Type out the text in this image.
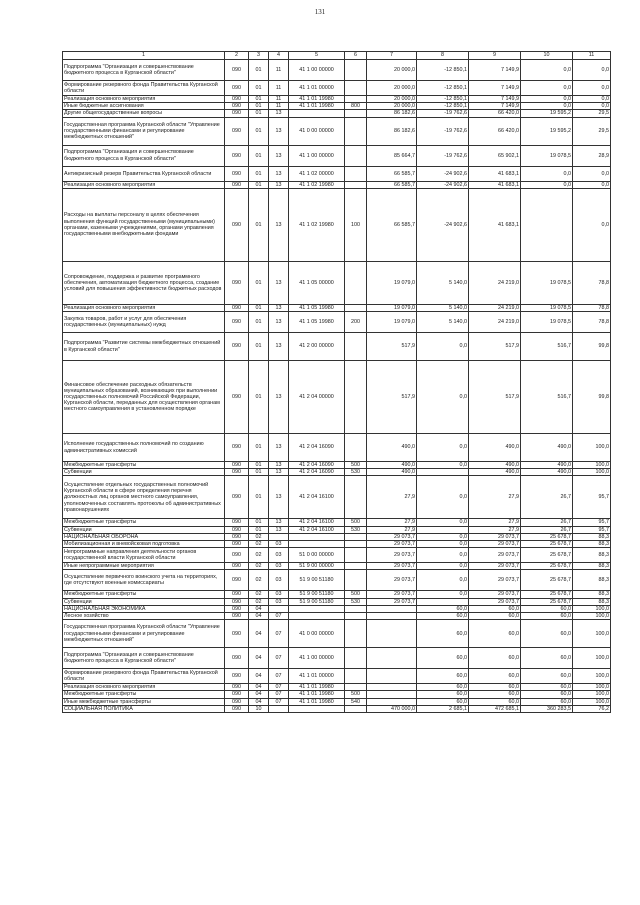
131
1	2	3	4	5	6	7	8	9	10	11
Подпрограмма "Организация и совершенствование бюджетного процесса в Курганской области"	090	01	11	41 1 00 00000		20 000,0	-12 850,1	7 149,9	0,0	0,0
Формирование резервного фонда Правительства Курганской области	090	01	11	41 1 01 00000		20 000,0	-12 850,1	7 149,9	0,0	0,0
Реализация основного мероприятия	090	01	11	41 1 01 19980		20 000,0	-12 850,1	7 149,9	0,0	0,0
Иные бюджетные ассигнования	090	01	11	41 1 01 19980	800	20 000,0	-12 850,1	7 149,9	0,0	0,0
Другие общегосударственные вопросы	090	01	13			86 182,6	-19 762,6	66 420,0	19 595,2	29,5
Государственная программа Курганской области "Управление государственными финансами и регулирование межбюджетных отношений"	090	01	13	41 0 00 00000		86 182,6	-19 762,6	66 420,0	19 595,2	29,5
Подпрограмма "Организация и совершенствование бюджетного процесса в Курганской области"	090	01	13	41 1 00 00000		85 664,7	-19 762,6	65 902,1	19 078,5	28,9
Антикризисный резерв Правительства Курганской области	090	01	13	41 1 02 00000		66 585,7	-24 902,6	41 683,1	0,0	0,0
Реализация основного мероприятия	090	01	13	41 1 02 19980		66 585,7	-24 902,6	41 683,1	0,0	0,0
Расходы на выплаты персоналу в целях обеспечения выполнения функций государственными (муниципальными) органами, казенными учреждениями, органами управления государственными внебюджетными фондами	090	01	13	41 1 02 19980	100	66 585,7	-24 902,6	41 683,1		0,0
Сопровождение, поддержка и развитие программного обеспечения, автоматизация бюджетного процесса, создание условий для повышения эффективности бюджетных расходов	090	01	13	41 1 05 00000		19 079,0	5 140,0	24 219,0	19 078,5	78,8
Реализация основного мероприятия	090	01	13	41 1 05 19980		19 079,0	5 140,0	24 219,0	19 078,5	78,8
Закупка товаров, работ и услуг для обеспечения государственных (муниципальных) нужд	090	01	13	41 1 05 19980	200	19 079,0	5 140,0	24 219,0	19 078,5	78,8
Подпрограмма "Развитие системы межбюджетных отношений в Курганской области"	090	01	13	41 2 00 00000		517,9	0,0	517,9	516,7	99,8
Финансовое обеспечение расходных обязательств муниципальных образований, возникающих при выполнении государственных полномочий Российской Федерации, Курганской области, переданных для осуществления органам местного самоуправления в установленном порядке	090	01	13	41 2 04 00000		517,9	0,0	517,9	516,7	99,8
Исполнение государственных полномочий по созданию административных комиссий	090	01	13	41 2 04 16090		490,0	0,0	490,0	490,0	100,0
Межбюджетные трансферты	090	01	13	41 2 04 16090	500	490,0	0,0	490,0	490,0	100,0
Субвенции	090	01	13	41 2 04 16090	530	490,0		490,0	490,0	100,0
Осуществление отдельных государственных полномочий Курганской области в сфере определения перечня должностных лиц органов местного самоуправления, уполномоченных составлять протоколы об административных правонарушениях	090	01	13	41 2 04 16100		27,9	0,0	27,9	26,7	95,7
Межбюджетные трансферты	090	01	13	41 2 04 16100	500	27,9	0,0	27,9	26,7	95,7
Субвенции	090	01	13	41 2 04 16100	530	27,9		27,9	26,7	95,7
НАЦИОНАЛЬНАЯ ОБОРОНА	090	02				29 073,7	0,0	29 073,7	25 678,7	88,3
Мобилизационная и вневойсковая подготовка	090	02	03			29 073,7	0,0	29 073,7	25 678,7	88,3
Непрограммные направления деятельности органов государственной власти Курганской области	090	02	03	51 0 00 00000		29 073,7	0,0	29 073,7	25 678,7	88,3
Иные непрограммные мероприятия	090	02	03	51 9 00 00000		29 073,7	0,0	29 073,7	25 678,7	88,3
Осуществление первичного воинского учета на территориях, где отсутствуют военные комиссариаты	090	02	03	51 9 00 51180		29 073,7	0,0	29 073,7	25 678,7	88,3
Межбюджетные трансферты	090	02	03	51 9 00 51180	500	29 073,7	0,0	29 073,7	25 678,7	88,3
Субвенции	090	02	03	51 9 00 51180	530	29 073,7		29 073,7	25 678,7	88,3
НАЦИОНАЛЬНАЯ ЭКОНОМИКА	090	04					60,0	60,0	60,0	100,0
Лесное хозяйство	090	04	07				60,0	60,0	60,0	100,0
Государственная программа Курганской области "Управление государственными финансами и регулирование межбюджетных отношений"	090	04	07	41 0 00 00000			60,0	60,0	60,0	100,0
Подпрограмма "Организация и совершенствование бюджетного процесса в Курганской области"	090	04	07	41 1 00 00000			60,0	60,0	60,0	100,0
Формирование резервного фонда Правительства Курганской области	090	04	07	41 1 01 00000			60,0	60,0	60,0	100,0
Реализация основного мероприятия	090	04	07	41 1 01 19980			60,0	60,0	60,0	100,0
Межбюджетные трансферты	090	04	07	41 1 01 19980	500		60,0	60,0	60,0	100,0
Иные межбюджетные трансферты	090	04	07	41 1 01 19980	540		60,0	60,0	60,0	100,0
СОЦИАЛЬНАЯ ПОЛИТИКА	090	10				470 000,0	2 685,1	472 685,1	360 283,5	76,2
